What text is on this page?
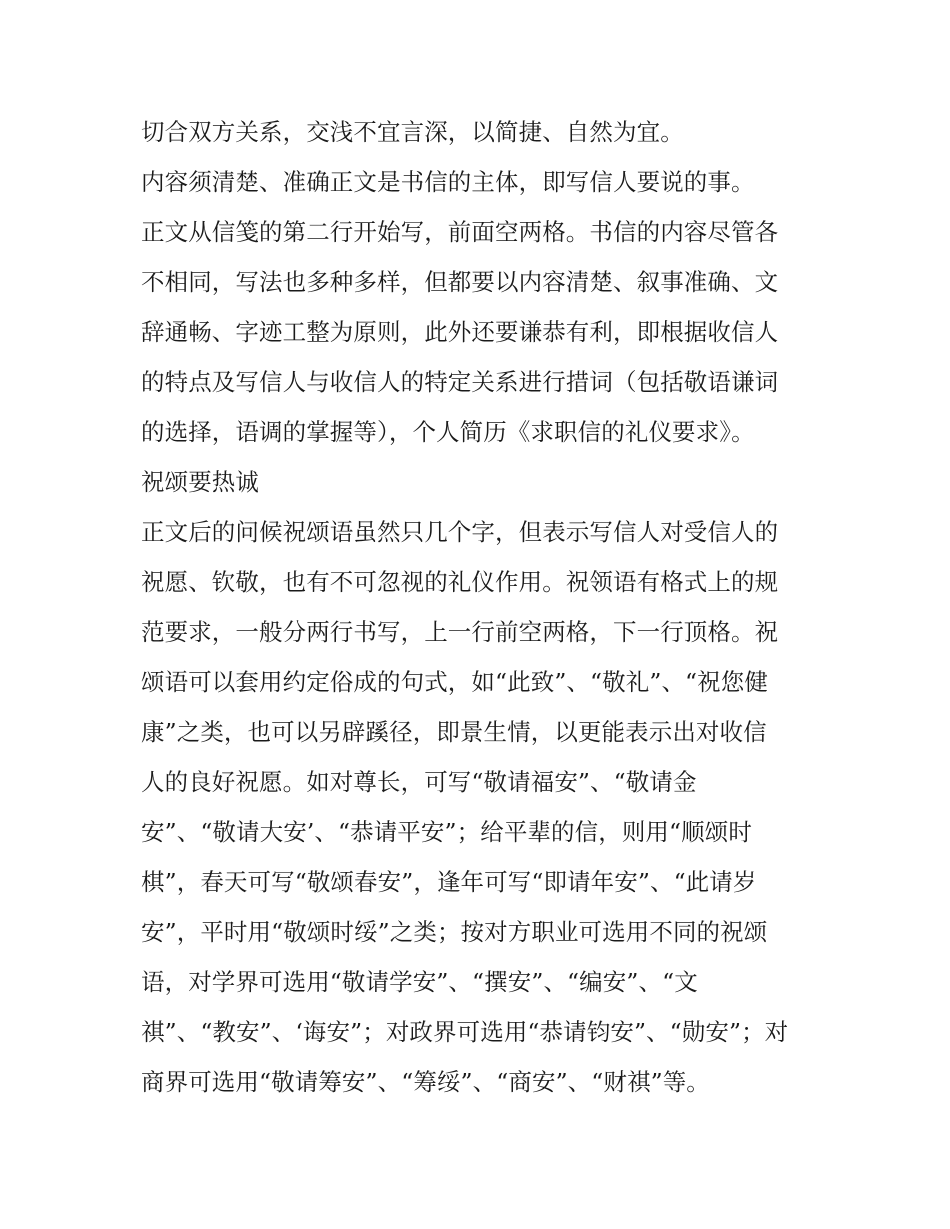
切合双方关系，交浅不宜言深，以简捷、自然为宜。
内容须清楚、准确正文是书信的主体，即写信人要说的事。
正文从信笺的第二行开始写，前面空两格。书信的内容尽管各
不相同，写法也多种多样，但都要以内容清楚、叙事准确、文
辞通畅、字迹工整为原则，此外还要谦恭有利，即根据收信人
的特点及写信人与收信人的特定关系进行措词（包括敬语谦词
的选择，语调的掌握等），个人简历《求职信的礼仪要求》。
祝颂要热诚
正文后的问候祝颂语虽然只几个字，但表示写信人对受信人的
祝愿、钦敬，也有不可忽视的礼仪作用。祝领语有格式上的规
范要求，一般分两行书写，上一行前空两格，下一行顶格。祝
颂语可以套用约定俗成的句式，如“此致”、“敬礼”、“祝您健
康”之类，也可以另辟蹊径，即景生情，以更能表示出对收信
人的良好祝愿。如对尊长，可写“敬请福安”、“敬请金
安”、“敬请大安’、“恭请平安”；给平辈的信，则用“顺颂时
棋”，春天可写“敬颂春安”，逢年可写“即请年安”、“此请岁
安”，平时用“敬颂时绥”之类；按对方职业可选用不同的祝颂
语，对学界可选用“敬请学安”、“撰安”、“编安”、“文
祺”、“教安”、‘诲安”；对政界可选用“恭请钧安”、“勋安”；对
商界可选用“敬请筹安”、“筹绥”、“商安”、“财祺”等。
